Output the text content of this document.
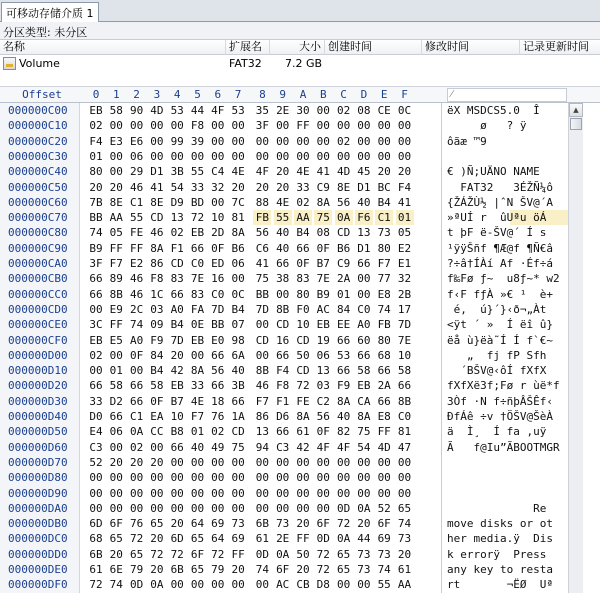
可移动存储介质 1
分区类型: 未分区
名称	扩展名	大小 创建时间	修改时间	记录更新时间
Volume	FAT32 7.2 GB
Offset	0	1	2	3	4	5	6	7	8	9	A	B	C	D	E	F	⁄
000000C00 EB 58 90 4D 53 44 4F 53 35 2E 30 00 02 08 CE 0C	ëX MSDCS5.0  Î
000000C10 02 00 00 00 00 F8 00 00 3F 00 FF 00 00 00 00 00	ø   ? ÿ
000000C20 F4 E3 E6 00 99 39 00 00 00 00 00 00 02 00 00 00	ôãæ ™9
000000C30 01 00 06 00 00 00 00 00 00 00 00 00 00 00 00 00
000000C40 80 00 29 D1 3B 55 C4 4E 4F 20 4E 41 4D 45 20 20	€ )Ñ;UÄNO NAME
000000C50 20 20 46 41 54 33 32 20 20 20 33 C9 8E D1 BC F4	FAT32   3ÉŽÑ¼ô
000000C60 7B 8E C1 8E D9 BD 00 7C 88 4E 02 8A 56 40 B4 41	{ŽÁŽÙ½ |ˆN ŠV@´A
000000C70 BB AA 55 CD 13 72 10 81 FB 55 AA 75 0A F6 C1 01	»ªUÍ r  ûUªu öÁ
000000C80 74 05 FE 46 02 EB 2D 8A 56 40 B4 08 CD 13 73 05	t þF ë-ŠV@´ Í s
000000C90 B9 FF FF 8A F1 66 0F B6 C6 40 66 0F B6 D1 80 E2	¹ÿÿŠñf ¶Æ@f ¶Ñ€â
000000CA0 3F F7 E2 86 CD C0 ED 06 41 66 0F B7 C9 66 F7 E1	?÷â†ÍÀí Af ·Éf÷á
000000CB0 66 89 46 F8 83 7E 16 00 75 38 83 7E 2A 00 77 32	f‰Fø ƒ~  u8ƒ~* w2
000000CC0 66 8B 46 1C 66 83 C0 0C BB 00 80 B9 01 00 E8 2B	f‹F fƒÀ »€ ¹  è+
000000CD0 00 E9 2C 03 A0 FA 7D B4 7D 8B F0 AC 84 C0 74 17	é,  ú}´}‹ð¬„Àt
000000CE0 3C FF 74 09 B4 0E BB 07 00 CD 10 EB EE A0 FB 7D	<ÿt ´ »  Í ëî û}
000000CF0 EB E5 A0 F9 7D EB E0 98 CD 16 CD 19 66 60 80 7E	ëå ù}ëà˜Í Í f`€~
000000D00 02 00 0F 84 20 00 66 6A 00 66 50 06 53 66 68 10	„  fj fP Sfh
000000D10 00 01 00 B4 42 8A 56 40 8B F4 CD 13 66 58 66 58	´BŠV@‹ôÍ fXfX
000000D20 66 58 66 58 EB 33 66 3B 46 F8 72 03 F9 EB 2A 66	fXfXë3f;Fø r ùë*f
000000D30 33 D2 66 0F B7 4E 18 66 F7 F1 FE C2 8A CA 66 8B	3Òf ·N f÷ñþÂŠÊf‹
000000D40 D0 66 C1 EA 10 F7 76 1A 86 D6 8A 56 40 8A E8 C0	ÐfÁê ÷v †ÖŠV@ŠèÀ
000000D50 E4 06 0A CC B8 01 02 CD 13 66 61 0F 82 75 FF 81	ä  Ì¸  Í fa ‚uÿ
000000D60 C3 00 02 00 66 40 49 75 94 C3 42 4F 4F 54 4D 47	Ã   f@Iu”ÃBOOTMGR
000000D70 52 20 20 20 00 00 00 00 00 00 00 00 00 00 00 00
000000D80 00 00 00 00 00 00 00 00 00 00 00 00 00 00 00 00
000000D90 00 00 00 00 00 00 00 00 00 00 00 00 00 00 00 00
000000DA0 00 00 00 00 00 00 00 00 00 00 00 00 0D 0A 52 65	Re
000000DB0 6D 6F 76 65 20 64 69 73 6B 73 20 6F 72 20 6F 74	move disks or ot
000000DC0 68 65 72 20 6D 65 64 69 61 2E FF 0D 0A 44 69 73	her media.ÿ  Dis
000000DD0 6B 20 65 72 72 6F 72 FF 0D 0A 50 72 65 73 73 20	k errorÿ  Press
000000DE0 61 6E 79 20 6B 65 79 20 74 6F 20 72 65 73 74 61	any key to resta
000000DF0 72 74 0D 0A 00 00 00 00 00 AC CB D8 00 00 55 AA	rt       ¬ËØ  Uª
▲
